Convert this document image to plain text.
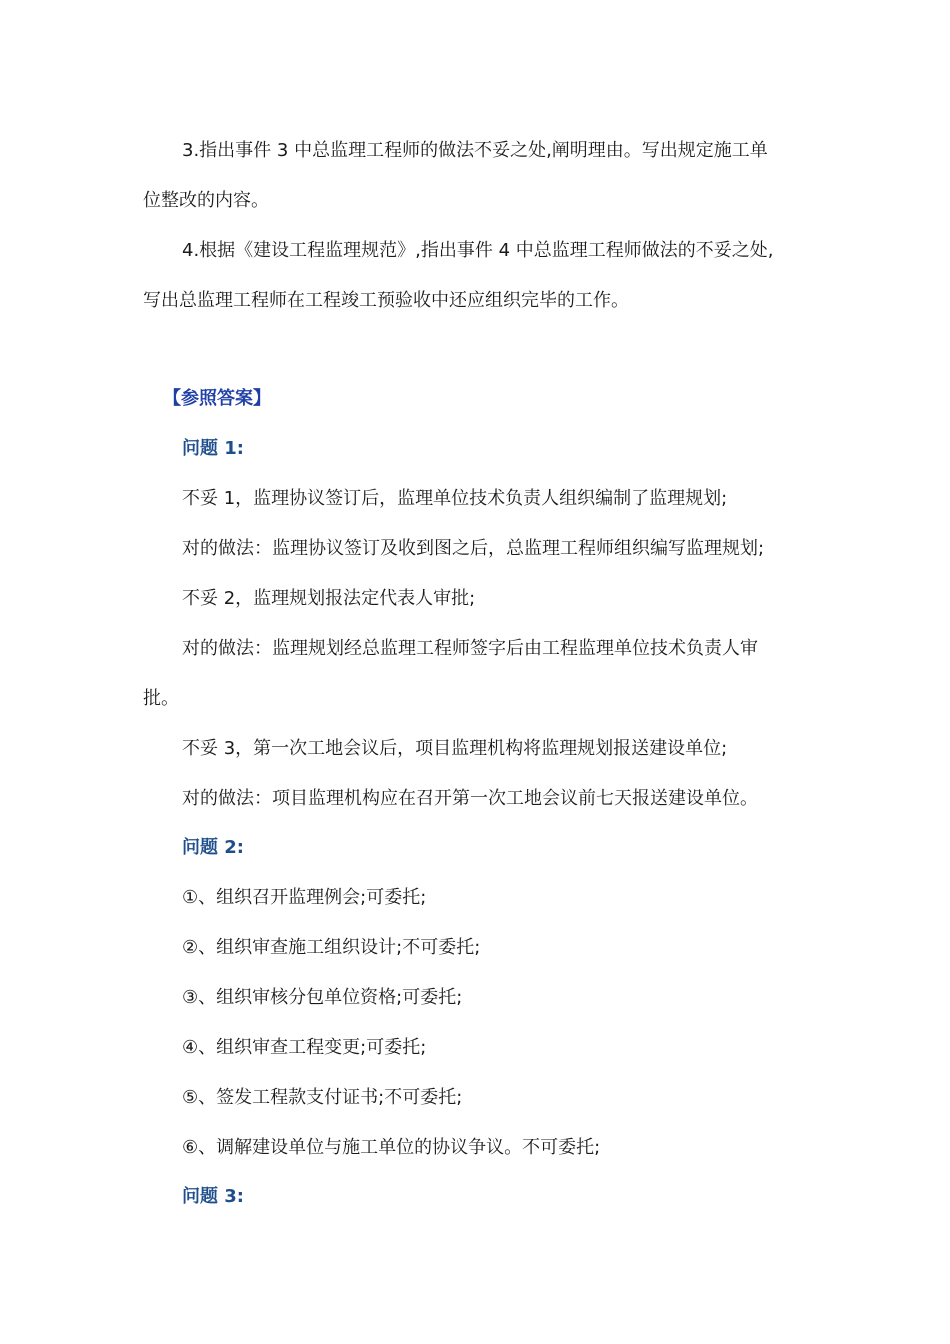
3.指出事件 3 中总监理工程师的做法不妥之处,阐明理由。写出规定施工单
位整改的内容。
4.根据《建设工程监理规范》,指出事件 4 中总监理工程师做法的不妥之处,
写出总监理工程师在工程竣工预验收中还应组织完毕的工作。
【参照答案】
问题 1:
不妥 1，监理协议签订后，监理单位技术负责人组织编制了监理规划;
对的做法：监理协议签订及收到图之后，总监理工程师组织编写监理规划;
不妥 2，监理规划报法定代表人审批;
对的做法：监理规划经总监理工程师签字后由工程监理单位技术负责人审
批。
不妥 3，第一次工地会议后，项目监理机构将监理规划报送建设单位;
对的做法：项目监理机构应在召开第一次工地会议前七天报送建设单位。
问题 2:
①、组织召开监理例会;可委托;
②、组织审查施工组织设计;不可委托;
③、组织审核分包单位资格;可委托;
④、组织审查工程变更;可委托;
⑤、签发工程款支付证书;不可委托;
⑥、调解建设单位与施工单位的协议争议。不可委托;
问题 3:
